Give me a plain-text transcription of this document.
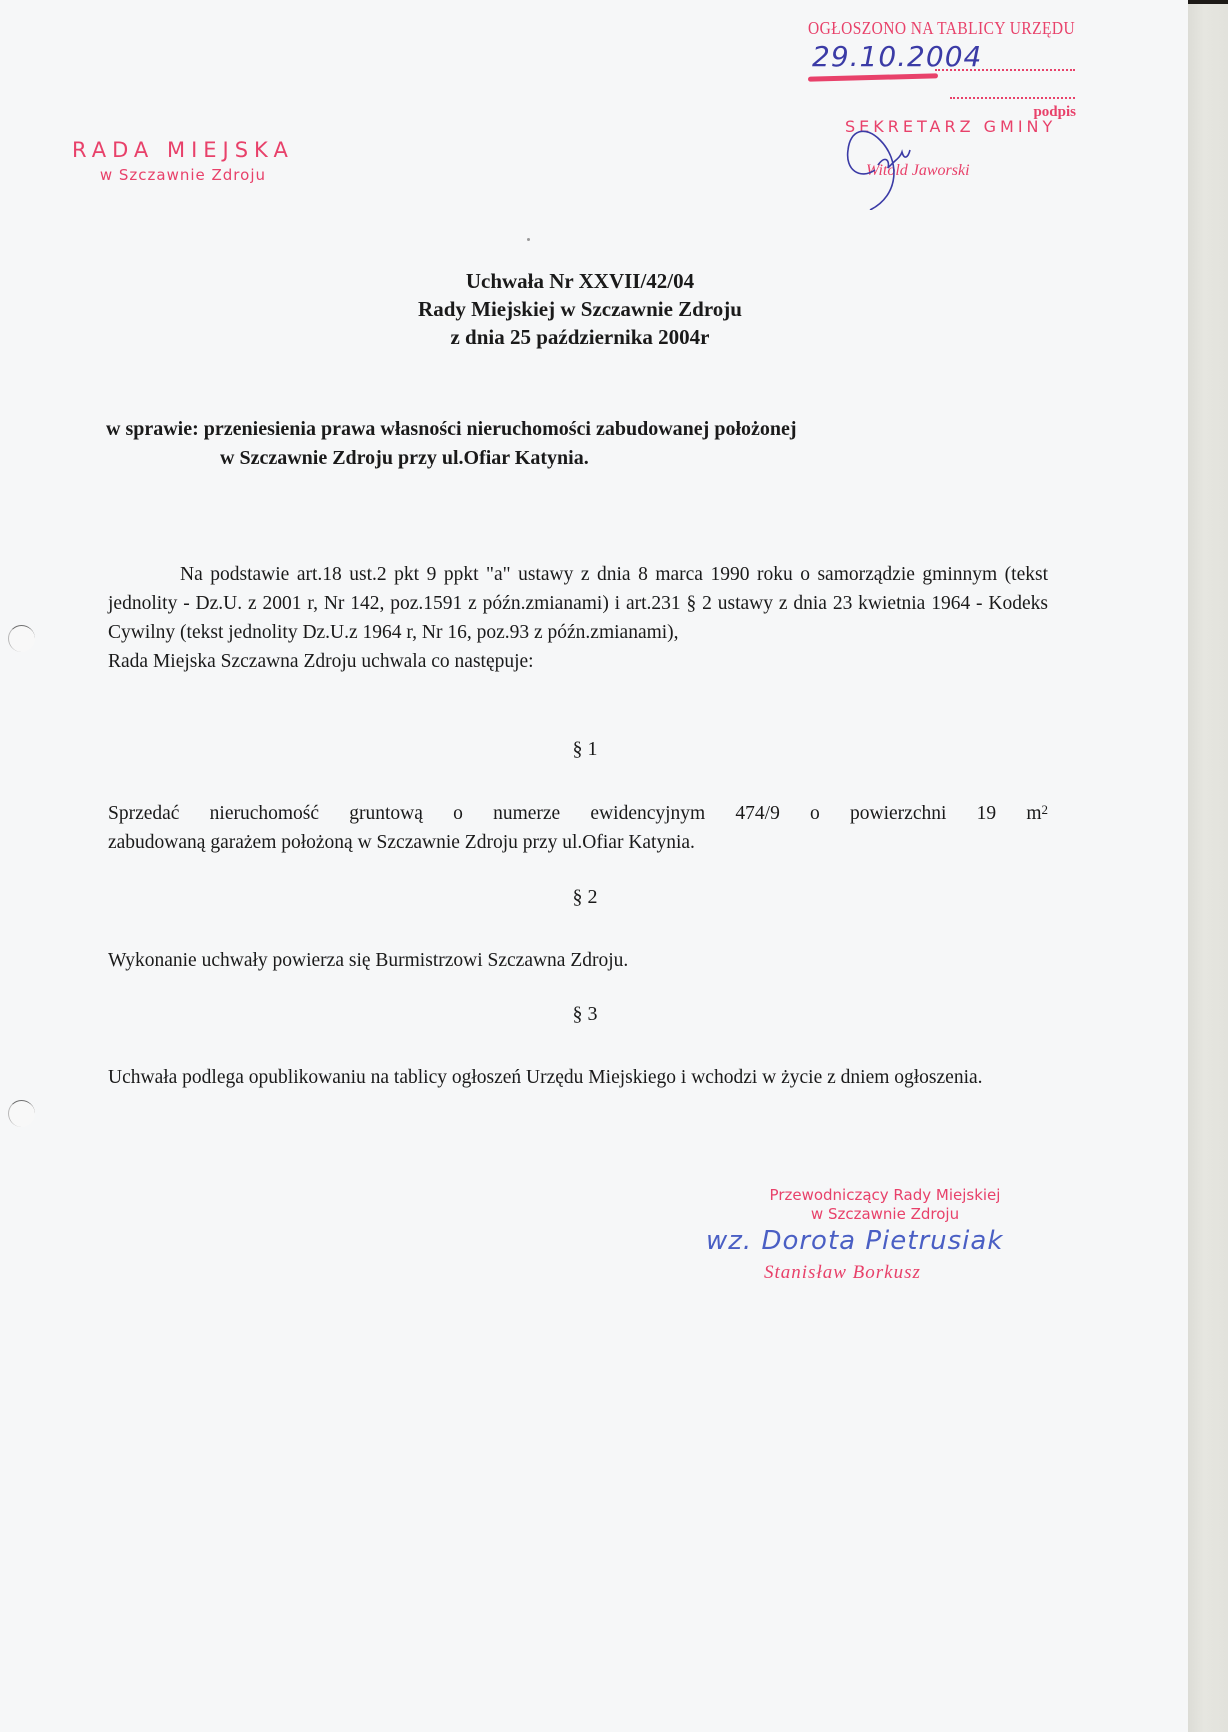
RADA MIEJSKA
w Szczawnie Zdroju
OGŁOSZONO NA TABLICY URZĘDU
29.10.2004
podpis
SEKRETARZ GMINY
Witold Jaworski
Uchwała Nr XXVII/42/04
Rady Miejskiej w Szczawnie Zdroju
z dnia 25 października 2004r
w sprawie: przeniesienia prawa własności nieruchomości zabudowanej położonej
w Szczawnie Zdroju przy ul.Ofiar Katynia.
Na podstawie art.18 ust.2 pkt 9 ppkt "a" ustawy z dnia 8 marca 1990 roku o samorządzie gminnym (tekst jednolity - Dz.U. z 2001 r, Nr 142, poz.1591 z późn.zmianami) i art.231 § 2 ustawy z dnia 23 kwietnia 1964 - Kodeks Cywilny (tekst jednolity Dz.U.z 1964 r, Nr 16, poz.93 z późn.zmianami),
Rada Miejska Szczawna Zdroju uchwala co następuje:
§ 1
Sprzedać nieruchomość gruntową o numerze ewidencyjnym 474/9 o powierzchni 19 $m^2$
zabudowaną garażem położoną w Szczawnie Zdroju przy ul.Ofiar Katynia.
§ 2
Wykonanie uchwały powierza się Burmistrzowi Szczawna Zdroju.
§ 3
Uchwała podlega opublikowaniu na tablicy ogłoszeń Urzędu Miejskiego i wchodzi w życie z dniem ogłoszenia.
Przewodniczący Rady Miejskiej
w Szczawnie Zdroju
wz. Dorota Pietrusiak
Stanisław Borkusz
